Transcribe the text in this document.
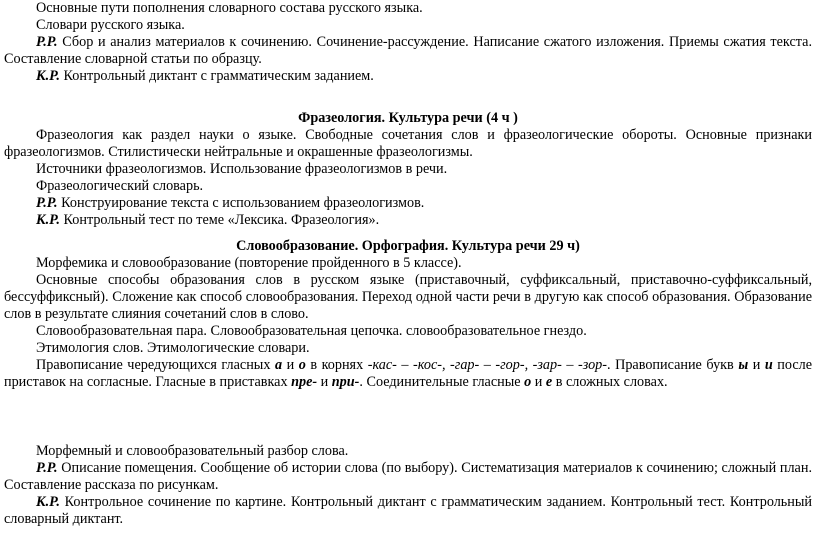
Основные пути пополнения словарного состава русского языка.

Словари русского языка.

Р.Р. Сбор и анализ материалов к сочинению. Сочинение-рассуждение. Написание сжатого изложения. Приемы сжатия текста. Составление словарной статьи по образцу.

К.Р. Контрольный диктант с грамматическим заданием.

Фразеология. Культура речи (4 ч )

Фразеология как раздел науки о языке. Свободные сочетания слов и фразеологические обороты. Основные признаки фразеологизмов. Стилистически нейтральные и окрашенные фразеологизмы.

Источники фразеологизмов. Использование фразеологизмов в речи.

Фразеологический словарь.

Р.Р. Конструирование текста с использованием фразеологизмов.

К.Р. Контрольный тест по теме «Лексика. Фразеология».

Словообразование. Орфография. Культура речи 29 ч)

Морфемика и словообразование (повторение пройденного в 5 классе).

Основные способы образования слов в русском языке (приставочный, суффиксальный, приставочно-суффиксальный, бессуффиксный). Сложение как способ словообразования. Переход одной части речи в другую как способ образования. Образование слов в результате слияния сочетаний слов в слово.

Словообразовательная пара. Словообразовательная цепочка. словообразовательное гнездо.

Этимология слов. Этимологические словари.

Правописание чередующихся гласных а и о в корнях -кас- – -кос-, -гар- – -гор-, -зар- – -зор-. Правописание букв ы и и после приставок на согласные. Гласные в приставках пре- и при-. Соединительные гласные о и е в сложных словах.

Морфемный и словообразовательный разбор слова.

Р.Р. Описание помещения. Сообщение об истории слова (по выбору). Систематизация материалов к сочинению; сложный план. Составление рассказа по рисункам.

К.Р. Контрольное сочинение по картине. Контрольный диктант с грамматическим заданием. Контрольный тест. Контрольный словарный диктант.
